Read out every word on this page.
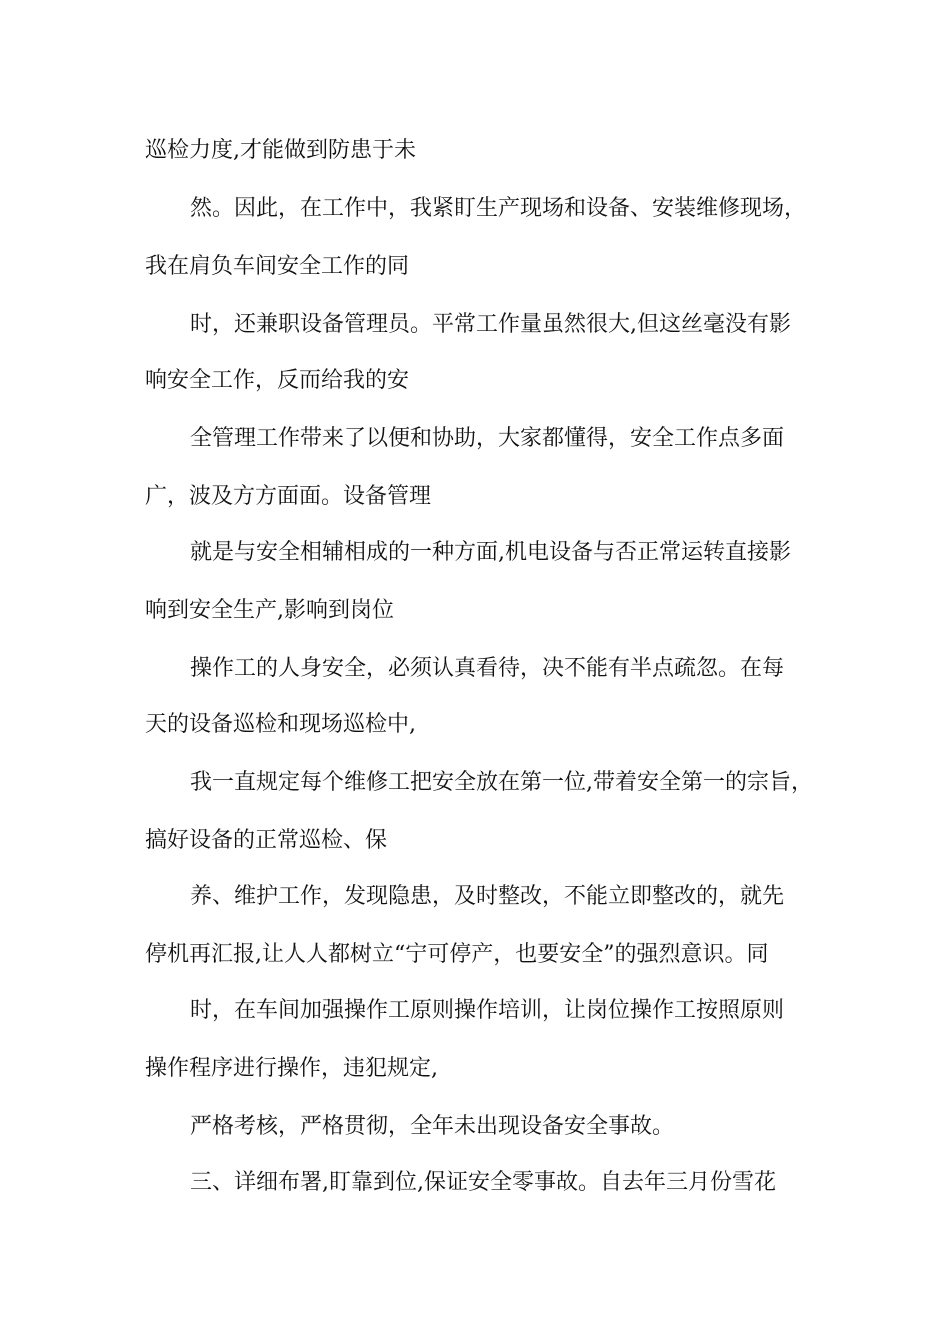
巡检力度,才能做到防患于未
然。因此，在工作中，我紧盯生产现场和设备、安装维修现场，
我在肩负车间安全工作的同
时，还兼职设备管理员。平常工作量虽然很大,但这丝毫没有影
响安全工作，反而给我的安
全管理工作带来了以便和协助，大家都懂得，安全工作点多面
广，波及方方面面。设备管理
就是与安全相辅相成的一种方面,机电设备与否正常运转直接影
响到安全生产,影响到岗位
操作工的人身安全，必须认真看待，决不能有半点疏忽。在每
天的设备巡检和现场巡检中,
我一直规定每个维修工把安全放在第一位,带着安全第一的宗旨，
搞好设备的正常巡检、保
养、维护工作，发现隐患，及时整改，不能立即整改的，就先
停机再汇报,让人人都树立“宁可停产，也要安全”的强烈意识。同
时，在车间加强操作工原则操作培训，让岗位操作工按照原则
操作程序进行操作，违犯规定,
严格考核，严格贯彻，全年未出现设备安全事故。
三、详细布署,盯靠到位,保证安全零事故。自去年三月份雪花
